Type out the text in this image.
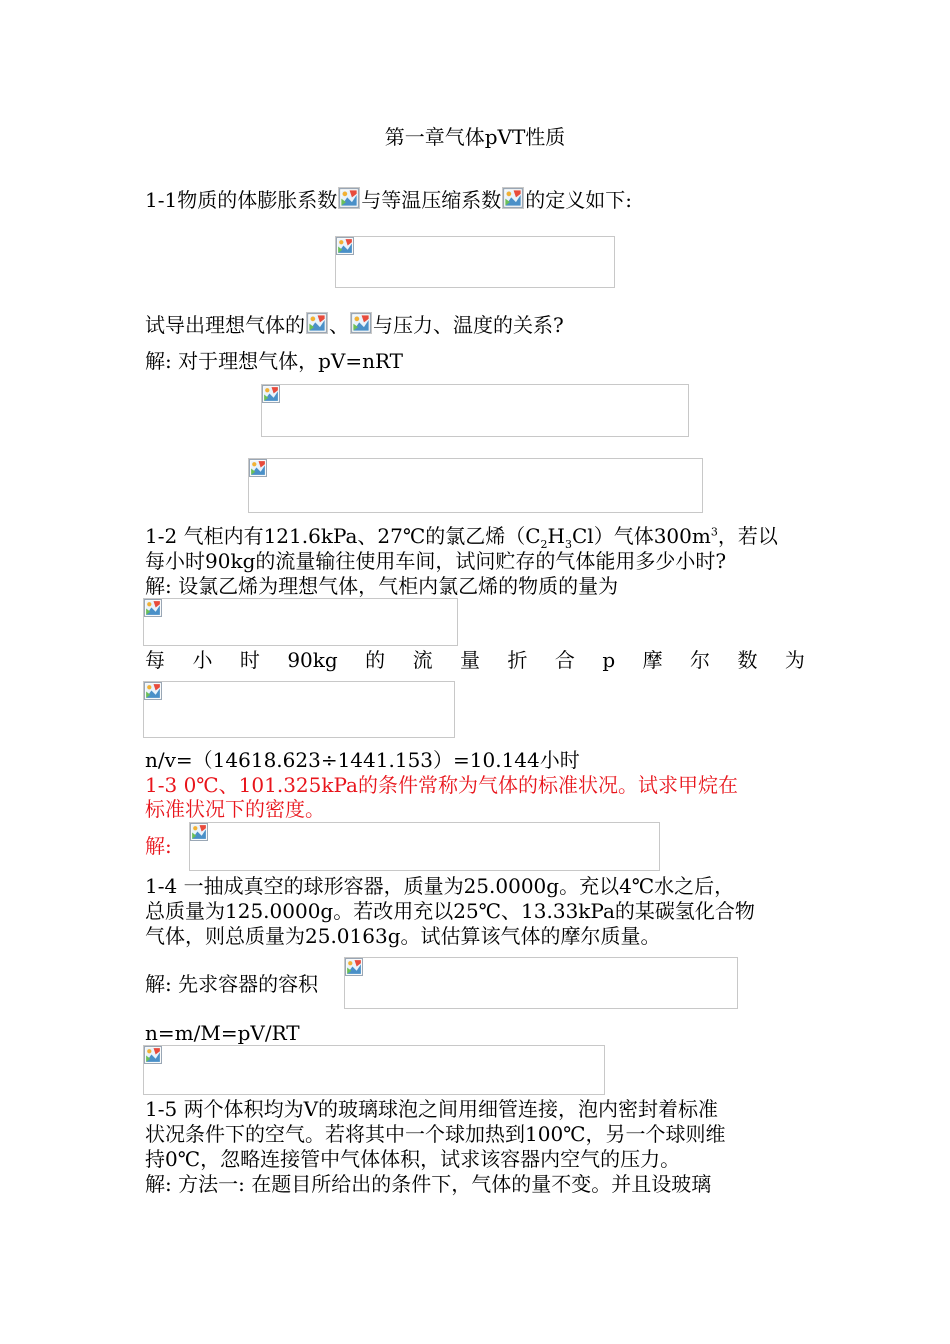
第一章气体pVT性质
1-1物质的体膨胀系数 与等温压缩系数 的定义如下:
试导出理想气体的 、 与压力、温度的关系?
解: 对于理想气体，pV=nRT
1-2 气柜内有121.6kPa、27℃的氯乙烯$(C_2H_3Cl)$气体$300m^3$，若以
每小时90kg的流量输往使用车间，试问贮存的气体能用多少小时?
解: 设氯乙烯为理想气体，气柜内氯乙烯的物质的量为
每 小 时 90kg 的 流 量 折 合 p 摩 尔 数 为
n/v=（14618.623÷1441.153）=10.144小时
1-3 0℃、101.325kPa的条件常称为气体的标准状况。试求甲烷在
标准状况下的密度。
解:
1-4 一抽成真空的球形容器，质量为25.0000g。充以4℃水之后，
总质量为125.0000g。若改用充以25℃、13.33kPa的某碳氢化合物
气体，则总质量为25.0163g。试估算该气体的摩尔质量。
解: 先求容器的容积
n=m/M=pV/RT
1-5 两个体积均为V的玻璃球泡之间用细管连接，泡内密封着标准
状况条件下的空气。若将其中一个球加热到100℃，另一个球则维
持0℃，忽略连接管中气体体积，试求该容器内空气的压力。
解: 方法一: 在题目所给出的条件下，气体的量不变。并且设玻璃
